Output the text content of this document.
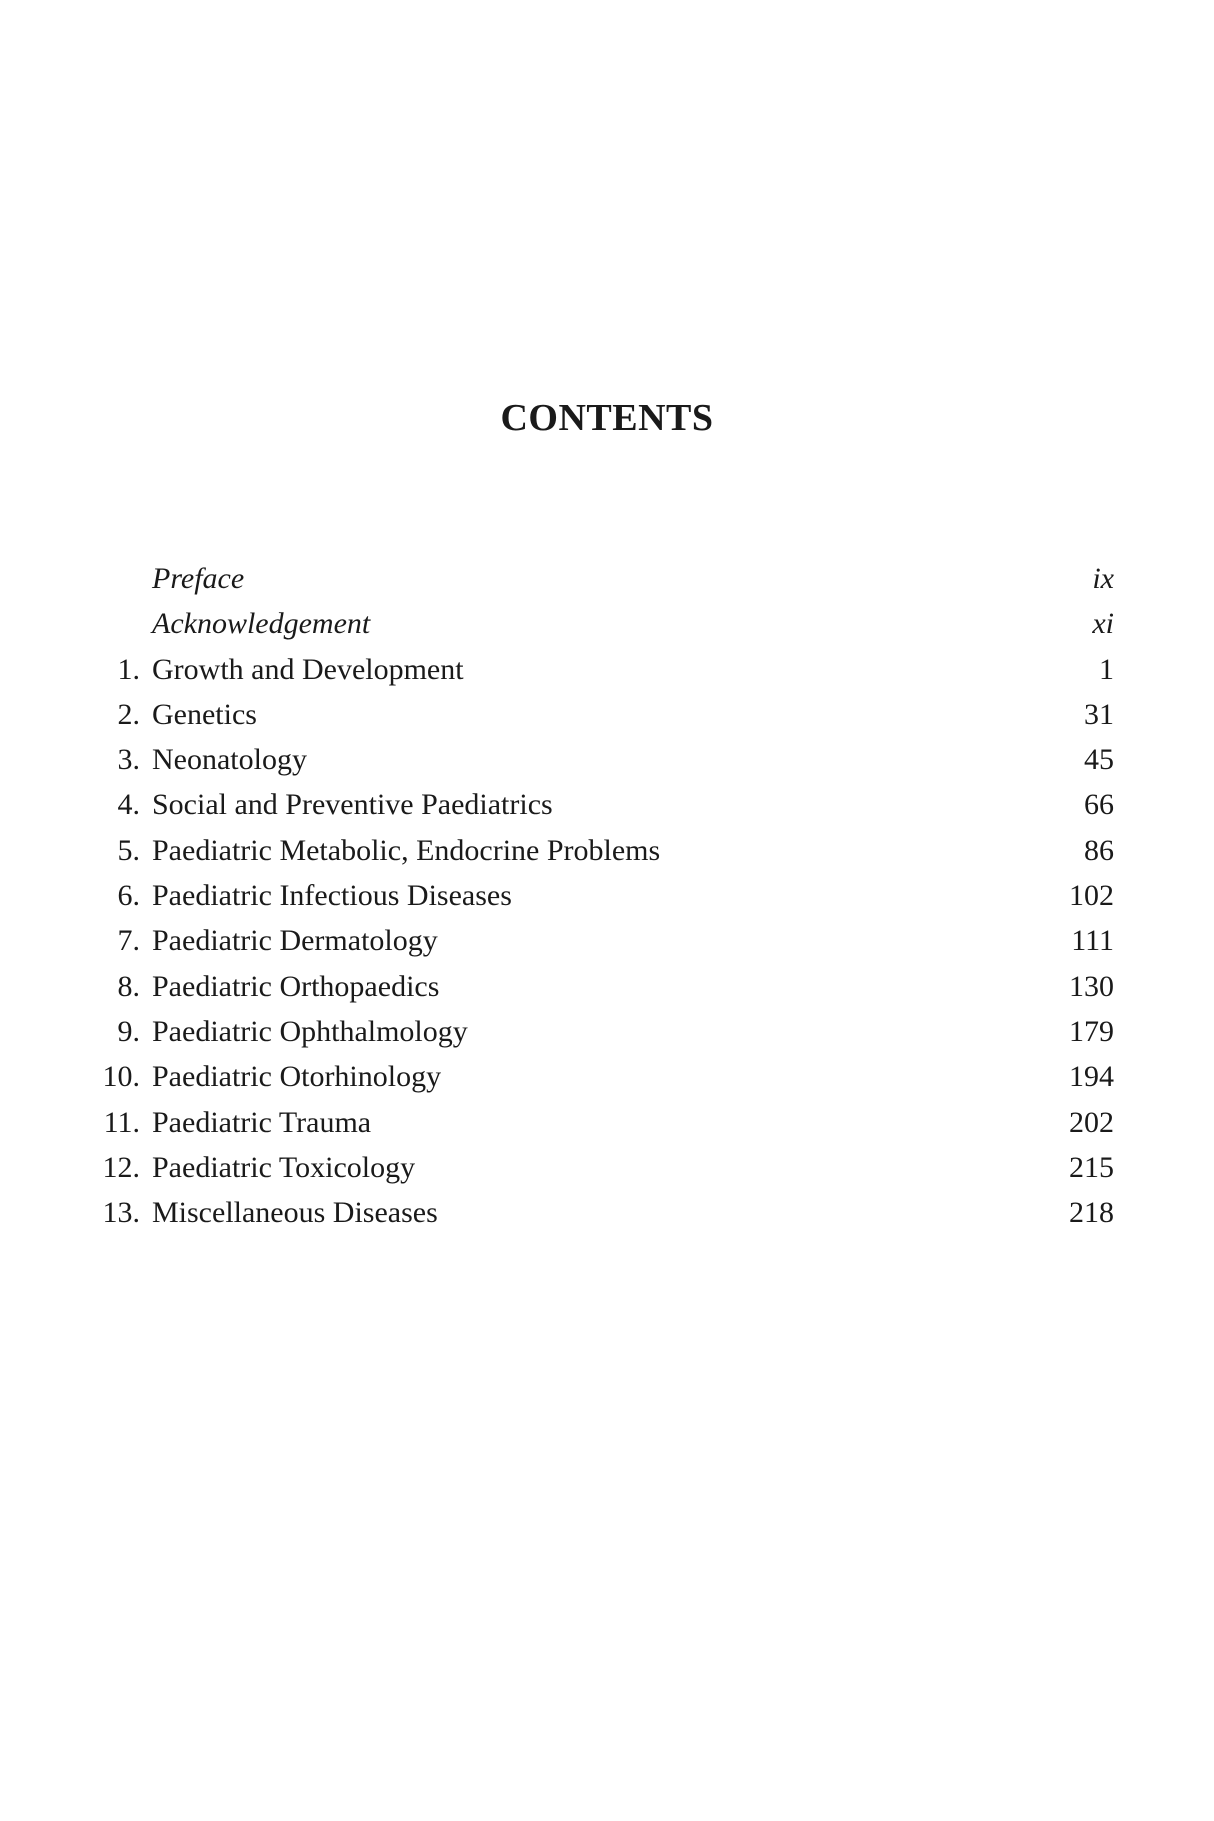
CONTENTS
Preface	ix
Acknowledgement	xi
1. Growth and Development	1
2. Genetics	31
3. Neonatology	45
4. Social and Preventive Paediatrics	66
5. Paediatric Metabolic, Endocrine Problems	86
6. Paediatric Infectious Diseases	102
7. Paediatric Dermatology	111
8. Paediatric Orthopaedics	130
9. Paediatric Ophthalmology	179
10. Paediatric Otorhinology	194
11. Paediatric Trauma	202
12. Paediatric Toxicology	215
13. Miscellaneous Diseases	218
